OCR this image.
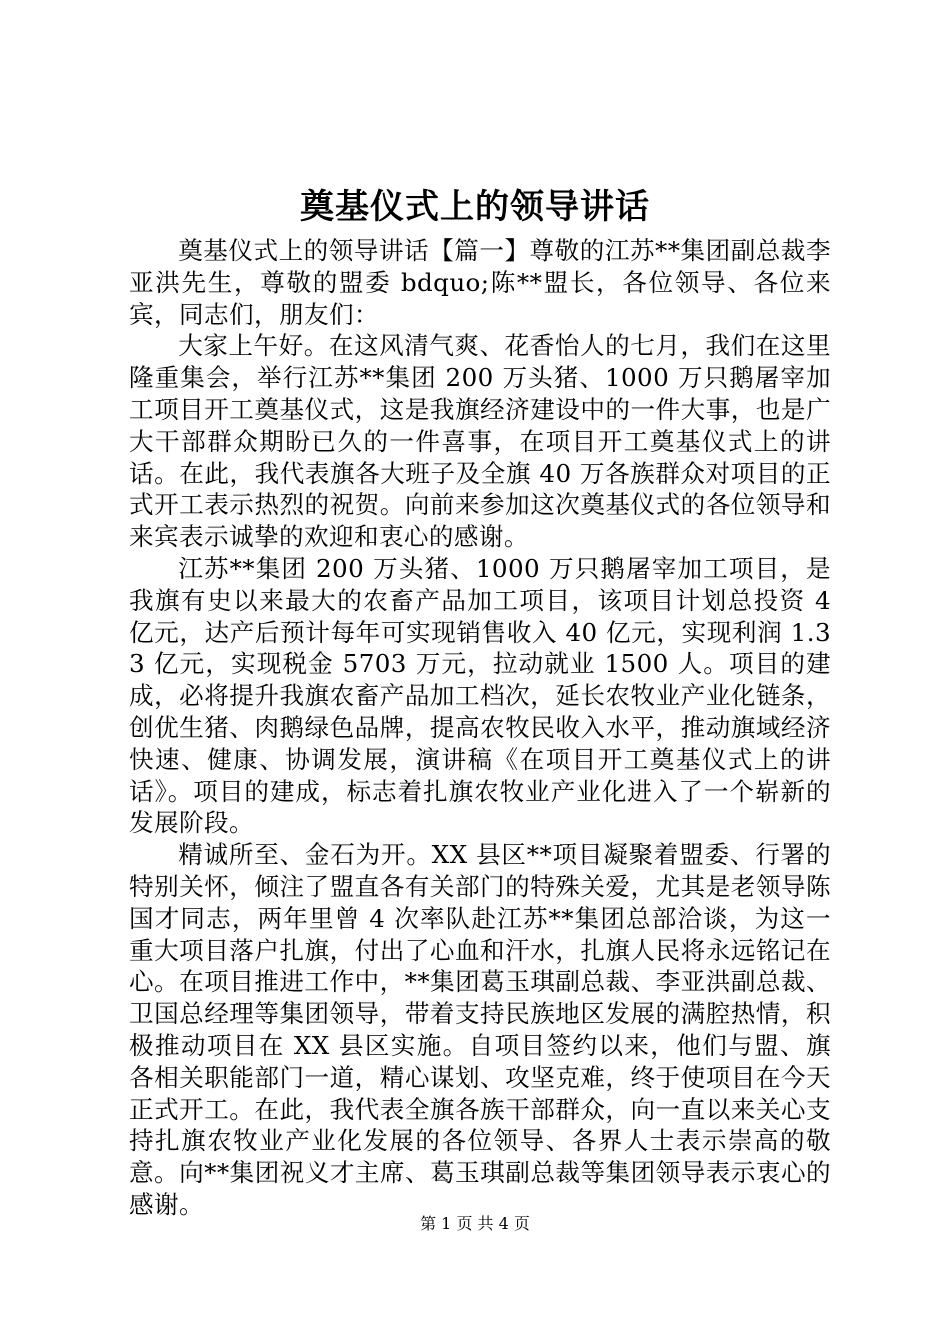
奠基仪式上的领导讲话

奠基仪式上的领导讲话【篇一】尊敬的江苏**集团副总裁李亚洪先生，尊敬的盟委 bdquo;陈**盟长，各位领导、各位来宾，同志们，朋友们：

大家上午好。在这风清气爽、花香怡人的七月，我们在这里隆重集会，举行江苏**集团 200 万头猪、1000 万只鹅屠宰加工项目开工奠基仪式，这是我旗经济建设中的一件大事，也是广大干部群众期盼已久的一件喜事，在项目开工奠基仪式上的讲话。在此，我代表旗各大班子及全旗 40 万各族群众对项目的正式开工表示热烈的祝贺。向前来参加这次奠基仪式的各位领导和来宾表示诚挚的欢迎和衷心的感谢。

江苏**集团 200 万头猪、1000 万只鹅屠宰加工项目，是我旗有史以来最大的农畜产品加工项目，该项目计划总投资 4 亿元，达产后预计每年可实现销售收入 40 亿元，实现利润 1.33 亿元，实现税金 5703 万元，拉动就业 1500 人。项目的建成，必将提升我旗农畜产品加工档次，延长农牧业产业化链条，创优生猪、肉鹅绿色品牌，提高农牧民收入水平，推动旗域经济快速、健康、协调发展，演讲稿《在项目开工奠基仪式上的讲话》。项目的建成，标志着扎旗农牧业产业化进入了一个崭新的发展阶段。

精诚所至、金石为开。XX 县区**项目凝聚着盟委、行署的特别关怀，倾注了盟直各有关部门的特殊关爱，尤其是老领导陈国才同志，两年里曾 4 次率队赴江苏**集团总部洽谈，为这一重大项目落户扎旗，付出了心血和汗水，扎旗人民将永远铭记在心。在项目推进工作中，**集团葛玉琪副总裁、李亚洪副总裁、卫国总经理等集团领导，带着支持民族地区发展的满腔热情，积极推动项目在 XX 县区实施。自项目签约以来，他们与盟、旗各相关职能部门一道，精心谋划、攻坚克难，终于使项目在今天正式开工。在此，我代表全旗各族干部群众，向一直以来关心支持扎旗农牧业产业化发展的各位领导、各界人士表示崇高的敬意。向**集团祝义才主席、葛玉琪副总裁等集团领导表示衷心的感谢。

第 1 页 共 4 页
